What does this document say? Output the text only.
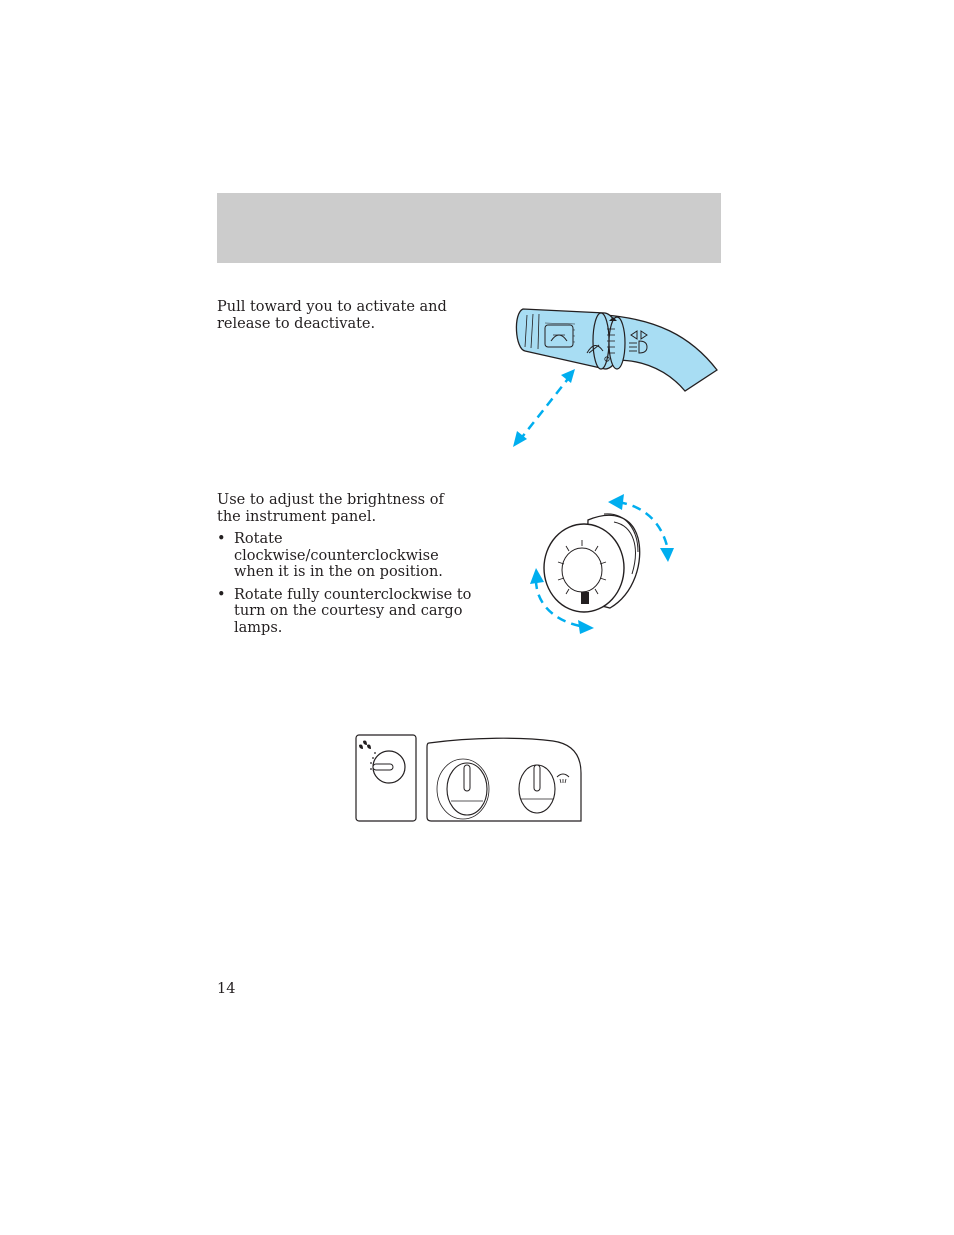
Pull toward you to activate and release to deactivate.

Use to adjust the brightness of the instrument panel.

• Rotate clockwise/counterclockwise when it is in the on position.
• Rotate fully counterclockwise to turn on the courtesy and cargo lamps.
14
